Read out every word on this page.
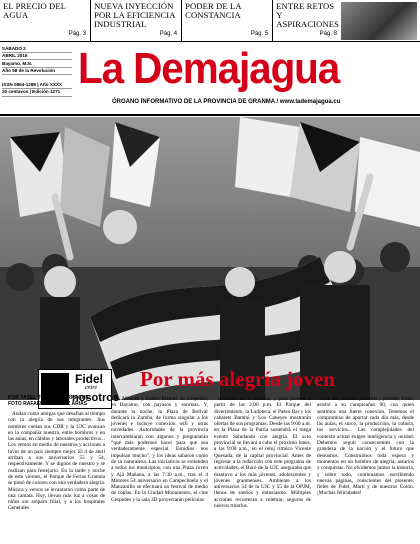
EL PRECIO DEL AGUA
Pág. 3
NUEVA INYECCIÓN POR LA EFICIENCIA INDUSTRIAL
Pág. 4
PODER DE LA CONSTANCIA
Pág. 5
ENTRE RETOS Y ASPIRACIONES
Pág. 8
SÁBADO 2
ABRIL 2016
Bayamo, M.N.
Año 58 de la Revolución
ISSN 0864-1289 | Año XXXX
20 centavos | Edición 1271 La Demajagua
ÓRGANO INFORMATIVO DE LA PROVINCIA DE GRANMA / www.lademajagua.cu
Fidel
entre
nosotros
Por más alegría joven
POR YASEL TOLEDO GARNACHE
FOTO RAFAEL MARTÍNEZ ARIAS

Andan como amigas que desafían al tiempo con la alegría de sus integrantes. Sus nombres cuelan sus CDR y la UJC avanzan en la compañía nuestra, entre hombros y en las aulas, en cálidos y laborales productivos... Los vemos en medio de nuestros y acciones a favor de un país siempre mejor. El 4 de abril arriban a sus aniversarios 55 y 54, respectivamente. Y se dignos de nuestro y se realizan para festejarlo. En la tarde y noche de este viernes, el Parque de Ferias Granma se pintó de colores con una verdadera alegría. Música y versos se levantaron como parte de una cantata. Hoy, llevan más luz a cosas de niños sin amparo filial, y a los hospitales Generales

A. Milanés y Carlos Manuel de Céspedes, en Bayamo, con payasos y sonrisas. Y, durante la noche, la Plaza de Bolívar dedicará la Zumba, de forma singular a los jóvenes e incluye conexión wifi y otras novedades. Autoridades de la provincia intercambiarán con algunos y preguntarán “qué más podemos hacer para que sea verdaderamente especial. Estudios nos impulsan mucho”, y los ideas sabaron como de su naturaleza. Las iniciativas se extienden a todos los municipios, con una Plaza Joven y Ajá Mañana, a las 7:30 a.m., tras el 4 Motores 54 aniversario en Campechuela y el Manzanillo se efectuará un festival de medio de coplas. En la Ciudad Monumento, el cine Céspedes y la sala 3D proyectarán películas

infantiles en la mañana, y para jóvenes a partir de las 2:00 p.m. El Parque del divertimiento, la Ludoteca, el Paseo Bar y los cabarets Bambú y Los Caneyes mostrarán ofertas de sus programas. Desde las 9:00 a.m. en la Plaza de la Patria sostendrá el mega evento Saludando con alegría. El acto provincial se llevará a cabo el próximo lunes, a las 9:00 a.m., en el reloj rítmico Vicente Quesada, de la capital provincial. Antes de regresar a la redacción con este programa de actividades, el Buró de la UJC aseguraba que mantuvo a los más jóvenes, adolescentes y jóvenes granmenses. Ambiente a los aniversarios 54 de la UJC y 55 de la OPJM, llenos de sueños y entusiasmo. Múltiples acciones recorreran a celebrar, seguras de nuevos triunfos.

Este año, nuestro pioneros y jóvenes, Fidel, asistió a su cumpleaños 90, con quien sentimos una fuerte conexión. Tenemos el compromiso de aportar cada día más, desde las aulas, el surco, la producción, la cultura, los servicios... Las complejidades del contexto actual exigen inteligencia y unidad. Debemos seguir consecuentes con la grandeza de la nación y el futuro que deseamos. Construimos toda espera y momentos en un hombro de alegría, asturios y conquistas. No olvidemos juntos la historia, y sobre todo, continuamos escribiendo nuevas páginas, conscientes del presente, fieles de Fidel, Martí y de nuestros Colón. ¡Muchas felicidades!
